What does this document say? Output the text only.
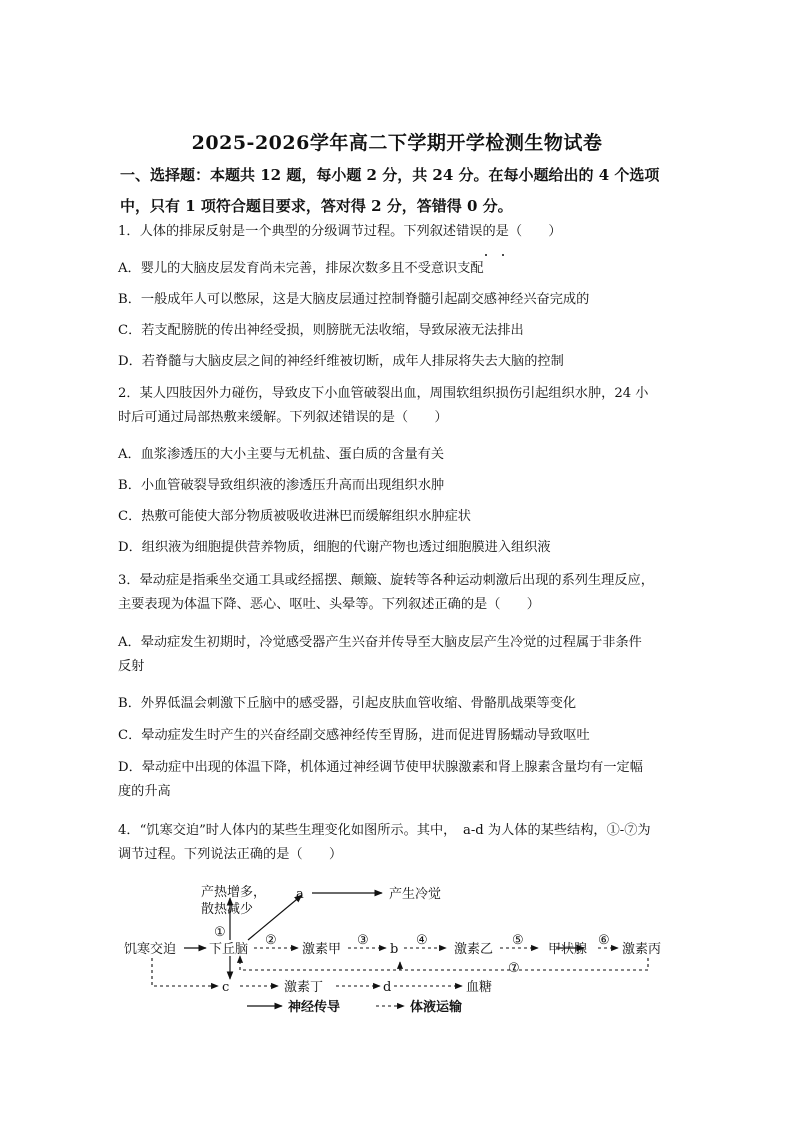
2025-2026学年高二下学期开学检测生物试卷
一、选择题：本题共 12 题，每小题 2 分，共 24 分。在每小题给出的 4 个选项
中，只有 1 项符合题目要求，答对得 2 分，答错得 0 分。
1．人体的排尿反射是一个典型的分级调节过程。下列叙述错误的是（　　）

A．婴儿的大脑皮层发育尚未完善，排尿次数多且不受意识支配
B．一般成年人可以憋尿，这是大脑皮层通过控制脊髓引起副交感神经兴奋完成的
C．若支配膀胱的传出神经受损，则膀胱无法收缩，导致尿液无法排出
D．若脊髓与大脑皮层之间的神经纤维被切断，成年人排尿将失去大脑的控制
2．某人四肢因外力碰伤，导致皮下小血管破裂出血，周围软组织损伤引起组织水肿，24 小
时后可通过局部热敷来缓解。下列叙述错误的是（　　）
A．血浆渗透压的大小主要与无机盐、蛋白质的含量有关
B．小血管破裂导致组织液的渗透压升高而出现组织水肿
C．热敷可能使大部分物质被吸收进淋巴而缓解组织水肿症状
D．组织液为细胞提供营养物质，细胞的代谢产物也透过细胞膜进入组织液
3．晕动症是指乘坐交通工具或经摇摆、颠簸、旋转等各种运动刺激后出现的系列生理反应，
主要表现为体温下降、恶心、呕吐、头晕等。下列叙述正确的是（　　）
A．晕动症发生初期时，冷觉感受器产生兴奋并传导至大脑皮层产生冷觉的过程属于非条件
反射
B．外界低温会刺激下丘脑中的感受器，引起皮肤血管收缩、骨骼肌战栗等变化
C．晕动症发生时产生的兴奋经副交感神经传至胃肠，进而促进胃肠蠕动导致呕吐
D．晕动症中出现的体温下降，机体通过神经调节使甲状腺激素和肾上腺素含量均有一定幅
度的升高
4．“饥寒交迫”时人体内的某些生理变化如图所示。其中，　a-d 为人体的某些结构，①-⑦为
调节过程。下列说法正确的是（　　）
产热增多，
散热减少
①
a	产生冷觉
饥寒交迫	下丘脑
②
激素甲
③
b
④
激素乙
⑤
甲状腺
⑥
激素丙
⑦
c	激素丁	d	血糖
神经传导	体液运输
